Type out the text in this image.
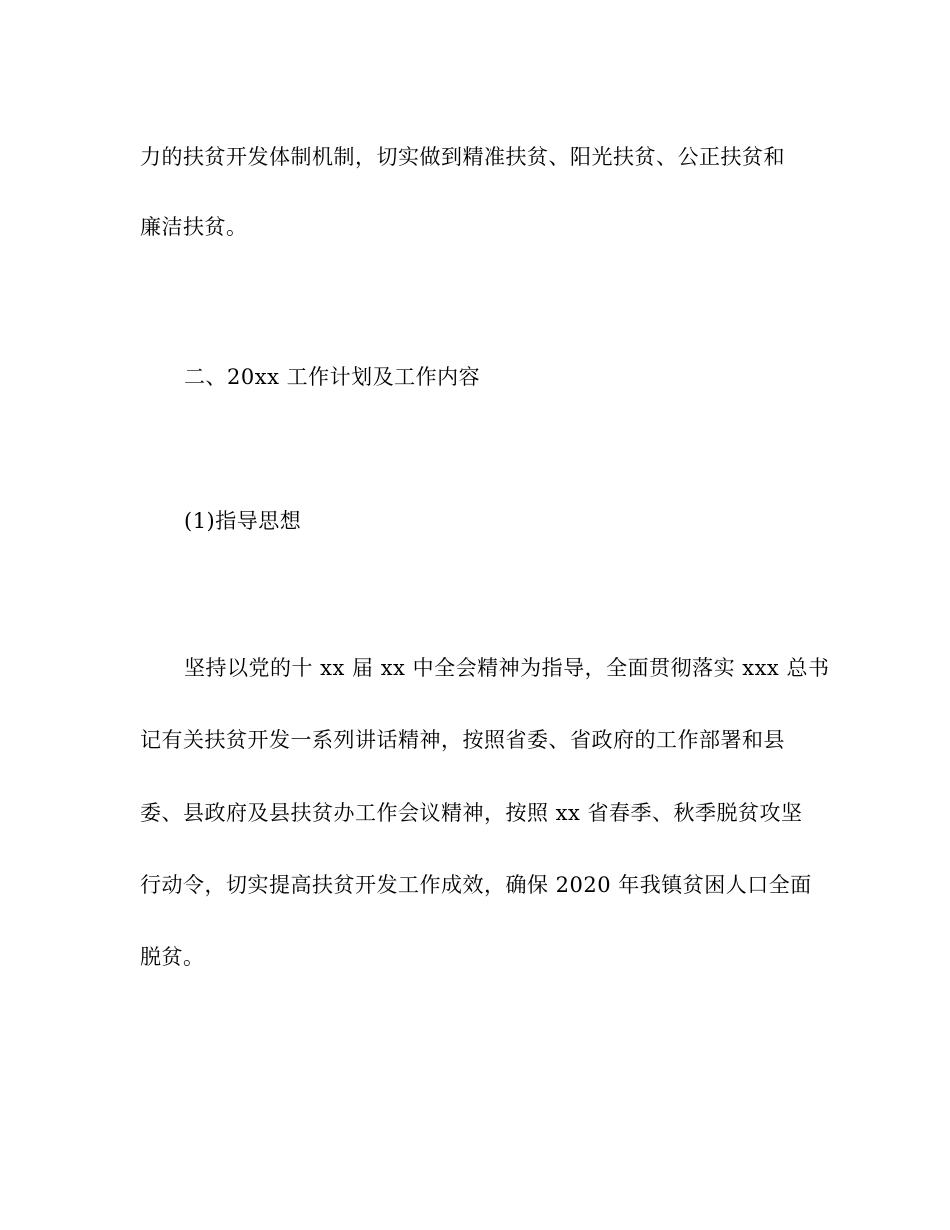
力的扶贫开发体制机制，切实做到精准扶贫、阳光扶贫、公正扶贫和
廉洁扶贫。
二、20xx 工作计划及工作内容
(1)指导思想
坚持以党的十 xx 届 xx 中全会精神为指导，全面贯彻落实 xxx 总书
记有关扶贫开发一系列讲话精神，按照省委、省政府的工作部署和县
委、县政府及县扶贫办工作会议精神，按照 xx 省春季、秋季脱贫攻坚
行动令，切实提高扶贫开发工作成效，确保 2020 年我镇贫困人口全面
脱贫。
